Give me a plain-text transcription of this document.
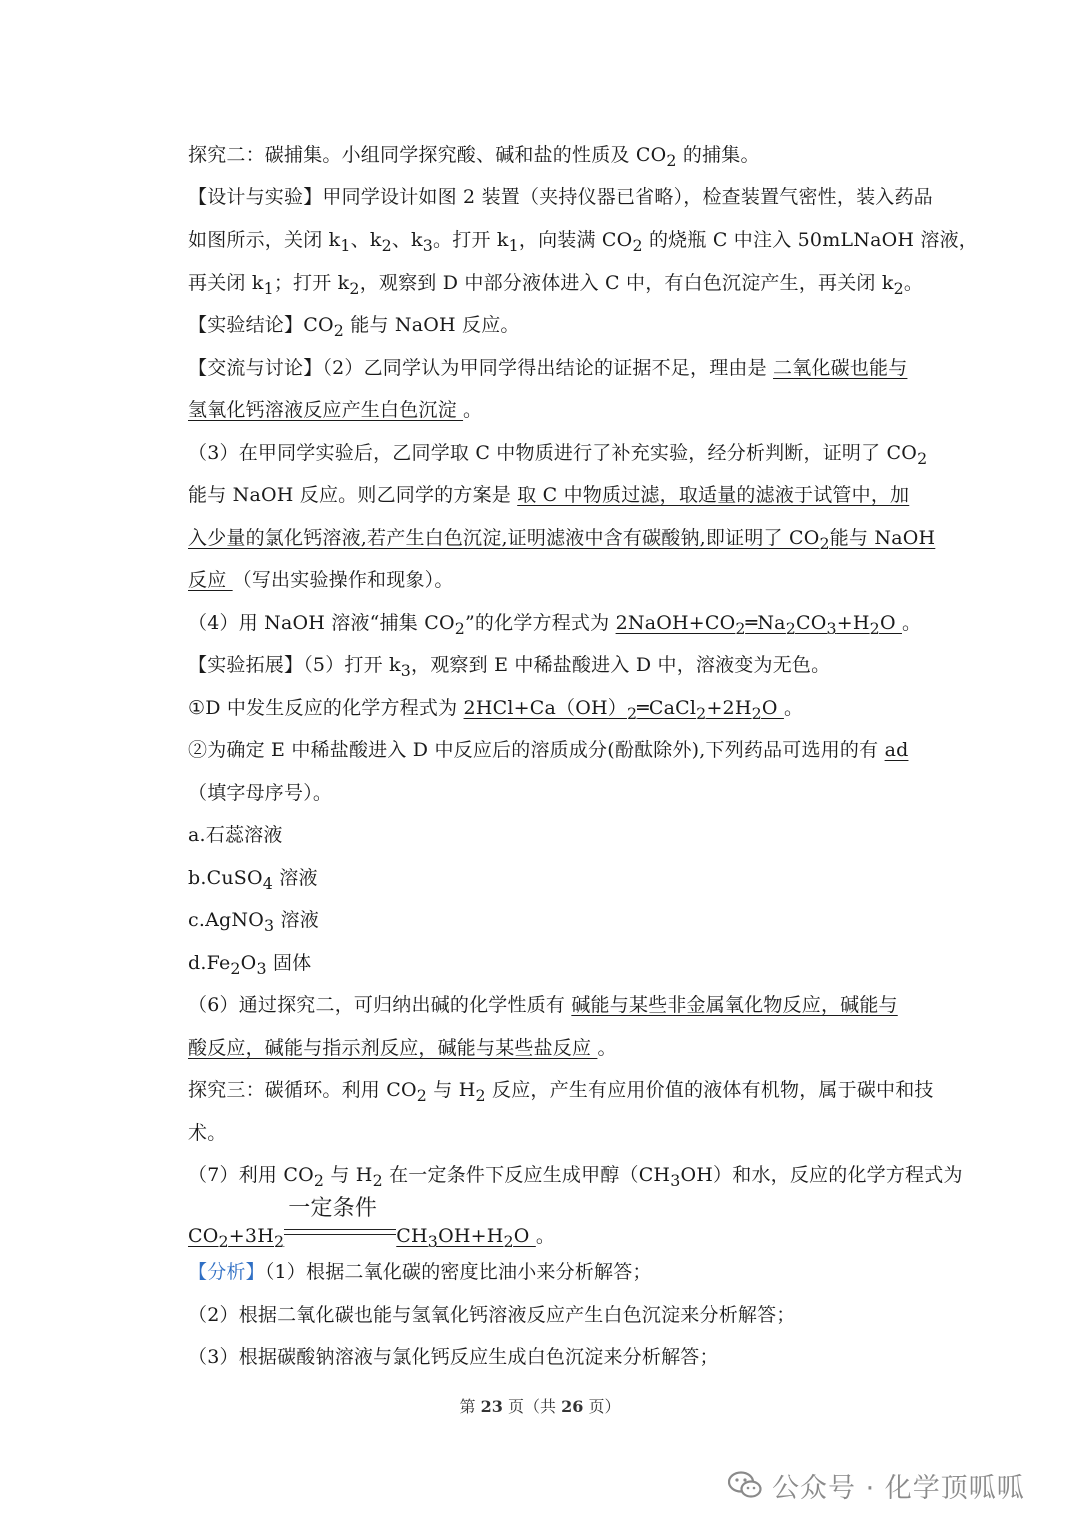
探究二：碳捕集。小组同学探究酸、碱和盐的性质及 $CO_2$ 的捕集。
【设计与实验】甲同学设计如图 2 装置（夹持仪器已省略），检查装置气密性，装入药品
如图所示，关闭 $k_1$、$k_2$、$k_3$。打开 $k_1$，向装满 $CO_2$ 的烧瓶 C 中注入 50mLNaOH 溶液，
再关闭 $k_1$；打开 $k_2$，观察到 D 中部分液体进入 C 中，有白色沉淀产生，再关闭 $k_2$。
【实验结论】$CO_2$ 能与 NaOH 反应。
【交流与讨论】（2）乙同学认为甲同学得出结论的证据不足，理由是 二氧化碳也能与
氢氧化钙溶液反应产生白色沉淀 。
（3）在甲同学实验后，乙同学取 C 中物质进行了补充实验，经分析判断，证明了 $CO_2$
能与 NaOH 反应。则乙同学的方案是 取 C 中物质过滤，取适量的滤液于试管中，加
入少量的氯化钙溶液,若产生白色沉淀,证明滤液中含有碳酸钠,即证明了 $CO_2$能与 NaOH
反应 （写出实验操作和现象）。
（4）用 NaOH 溶液“捕集 $CO_2$”的化学方程式为 $2NaOH+CO_2═Na_2CO_3+H_2O$ 。
【实验拓展】（5）打开 $k_3$，观察到 E 中稀盐酸进入 D 中，溶液变为无色。
①D 中发生反应的化学方程式为 $2HCl+Ca(OH)_2═CaCl_2+2H_2O$ 。
②为确定 E 中稀盐酸进入 D 中反应后的溶质成分(酚酞除外),下列药品可选用的有 ad
（填字母序号）。
a.石蕊溶液
b.CuSO$_4$ 溶液
c.AgNO$_3$ 溶液
$d.Fe_2O_3$ 固体
（6）通过探究二，可归纳出碱的化学性质有 碱能与某些非金属氧化物反应，碱能与
酸反应，碱能与指示剂反应，碱能与某些盐反应 。
探究三：碳循环。利用 $CO_2$ 与 $H_2$ 反应，产生有应用价值的液体有机物，属于碳中和技
术。
（7）利用 $CO_2$ 与 $H_2$ 在一定条件下反应生成甲醇$(CH_3OH)$和水，反应的化学方程式为
$CO_2+3H_2$
一定条件
$CH_3OH+H_2O$ 。
【分析】（1）根据二氧化碳的密度比油小来分析解答；
（2）根据二氧化碳也能与氢氧化钙溶液反应产生白色沉淀来分析解答；
（3）根据碳酸钠溶液与氯化钙反应生成白色沉淀来分析解答；
第 23 页（共 26 页）
公众号 · 化学顶呱呱
